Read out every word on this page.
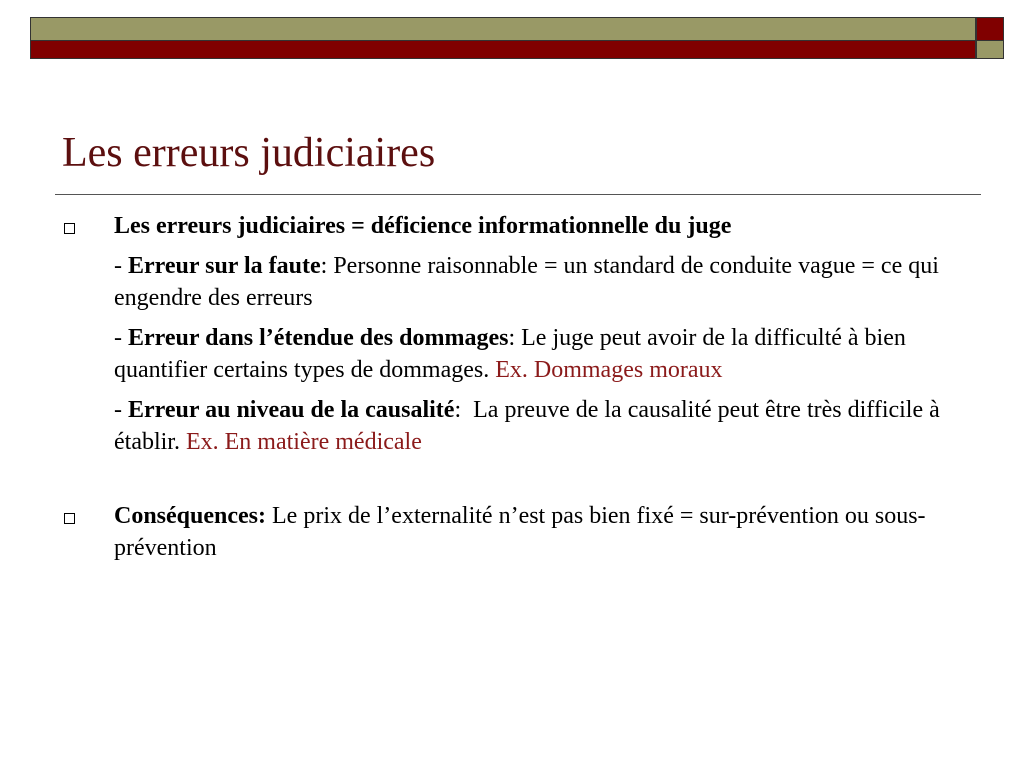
Les erreurs judiciaires
Les erreurs judiciaires = déficience informationnelle du juge
- Erreur sur la faute: Personne raisonnable = un standard de conduite vague = ce qui engendre des erreurs
- Erreur dans l’étendue des dommages: Le juge peut avoir de la difficulté à bien quantifier certains types de dommages. Ex. Dommages moraux
- Erreur au niveau de la causalité:  La preuve de la causalité peut être très difficile à établir. Ex. En matière médicale
Conséquences: Le prix de l’externalité n’est pas bien fixé = sur-prévention ou sous-prévention
